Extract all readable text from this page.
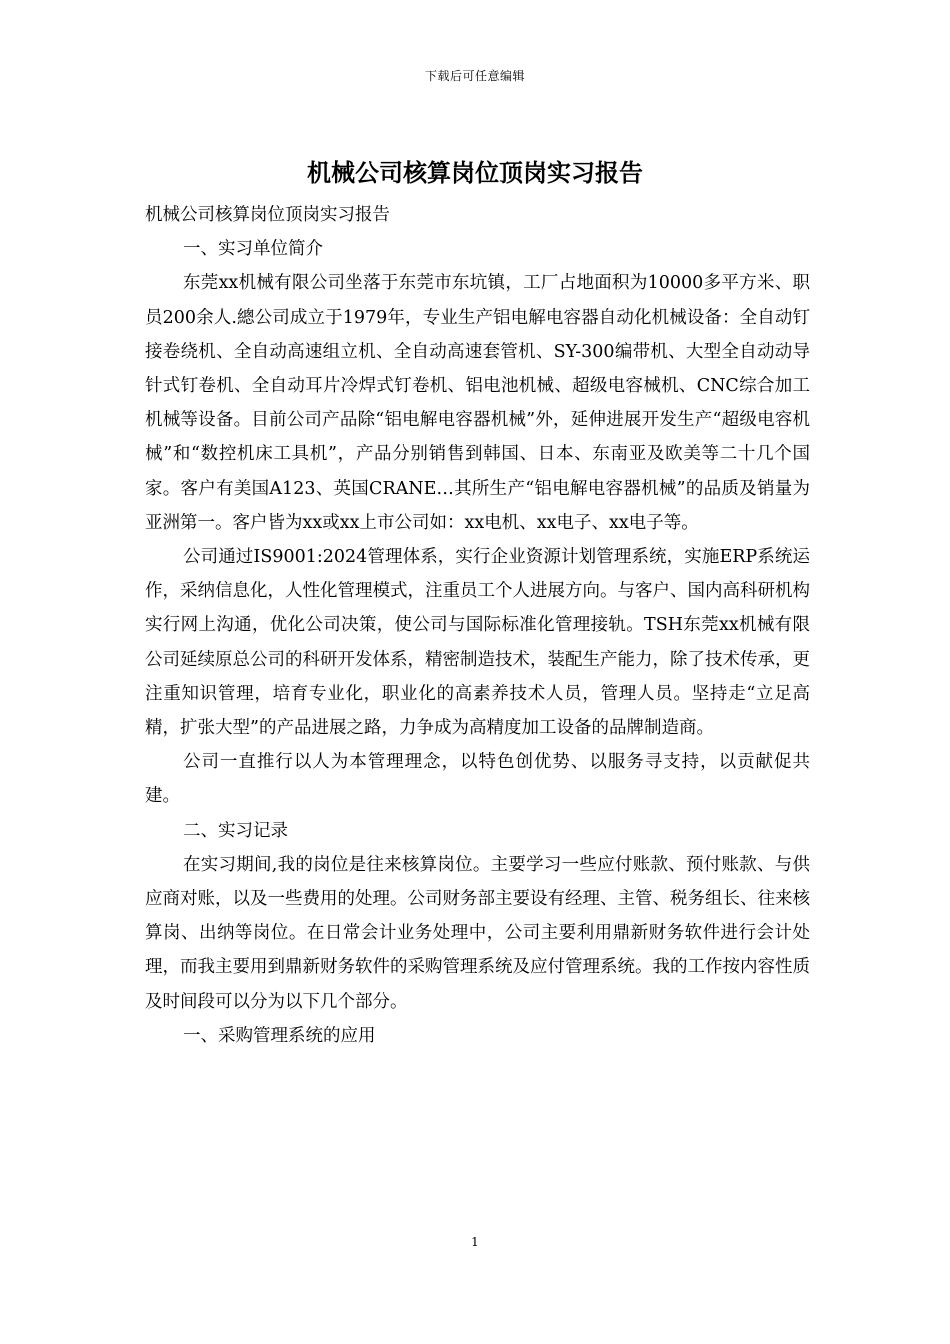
下载后可任意编辑
机械公司核算岗位顶岗实习报告

机械公司核算岗位顶岗实习报告

一、实习单位简介

东莞xx机械有限公司坐落于东莞市东坑镇，工厂占地面积为10000多平方米、职员200余人.總公司成立于1979年，专业生产铝电解电容器自动化机械设备：全自动钉接卷绕机、全自动高速组立机、全自动高速套管机、SY-300编带机、大型全自动动导针式钉卷机、全自动耳片冷焊式钉卷机、铝电池机械、超级电容械机、CNC综合加工机械等设备。目前公司产品除“铝电解电容器机械”外，延伸进展开发生产“超级电容机械”和“数控机床工具机”，产品分别销售到韩国、日本、东南亚及欧美等二十几个国家。客户有美国A123、英国CRANE…其所生产“铝电解电容器机械”的品质及销量为亚洲第一。客户皆为xx或xx上市公司如：xx电机、xx电子、xx电子等。

公司通过IS9001:2024管理体系，实行企业资源计划管理系统，实施ERP系统运作，采纳信息化，人性化管理模式，注重员工个人进展方向。与客户、国内高科研机构实行网上沟通，优化公司决策，使公司与国际标准化管理接轨。TSH东莞xx机械有限公司延续原总公司的科研开发体系，精密制造技术，装配生产能力，除了技术传承，更注重知识管理，培育专业化，职业化的高素养技术人员，管理人员。坚持走“立足高精，扩张大型”的产品进展之路，力争成为高精度加工设备的品牌制造商。

公司一直推行以人为本管理理念，以特色创优势、以服务寻支持，以贡献促共建。

二、实习记录

在实习期间,我的岗位是往来核算岗位。主要学习一些应付账款、预付账款、与供应商对账，以及一些费用的处理。公司财务部主要设有经理、主管、税务组长、往来核算岗、出纳等岗位。在日常会计业务处理中，公司主要利用鼎新财务软件进行会计处理，而我主要用到鼎新财务软件的采购管理系统及应付管理系统。我的工作按内容性质及时间段可以分为以下几个部分。

一、采购管理系统的应用

1
